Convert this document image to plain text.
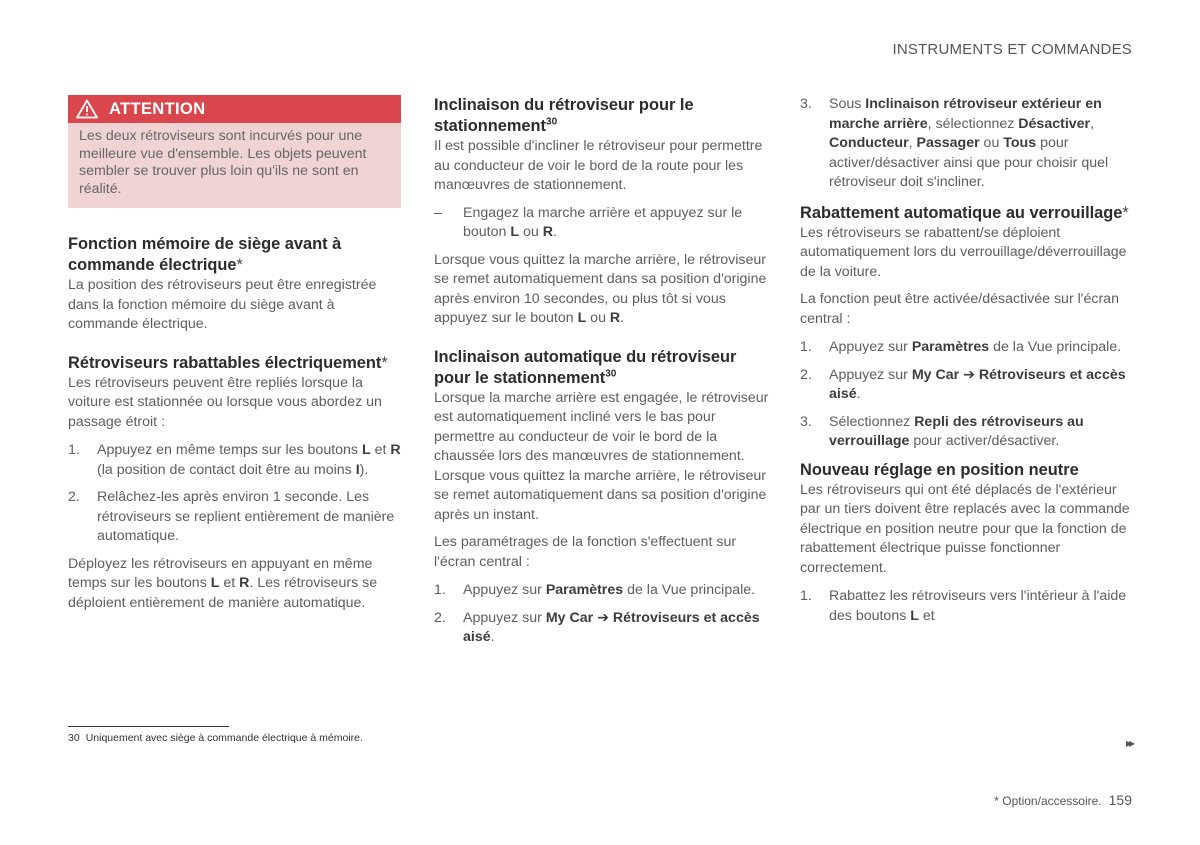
INSTRUMENTS ET COMMANDES
ATTENTION
Les deux rétroviseurs sont incurvés pour une meilleure vue d'ensemble. Les objets peuvent sembler se trouver plus loin qu'ils ne sont en réalité.
Fonction mémoire de siège avant à commande électrique*

La position des rétroviseurs peut être enregistrée dans la fonction mémoire du siège avant à commande électrique.

Rétroviseurs rabattables électriquement*

Les rétroviseurs peuvent être repliés lorsque la voiture est stationnée ou lorsque vous abordez un passage étroit :

1.	Appuyez en même temps sur les boutons L et R (la position de contact doit être au moins I).
2.	Relâchez-les après environ 1 seconde. Les rétroviseurs se replient entièrement de manière automatique.

Déployez les rétroviseurs en appuyant en même temps sur les boutons L et R. Les rétroviseurs se déploient entièrement de manière automatique.

Inclinaison du rétroviseur pour le stationnement$^{30}$

Il est possible d'incliner le rétroviseur pour permettre au conducteur de voir le bord de la route pour les manœuvres de stationnement.

–	Engagez la marche arrière et appuyez sur le bouton L ou R.

Lorsque vous quittez la marche arrière, le rétroviseur se remet automatiquement dans sa position d'origine après environ 10 secondes, ou plus tôt si vous appuyez sur le bouton L ou R.

Inclinaison automatique du rétroviseur pour le stationnement$^{30}$

Lorsque la marche arrière est engagée, le rétroviseur est automatiquement incliné vers le bas pour permettre au conducteur de voir le bord de la chaussée lors des manœuvres de stationnement. Lorsque vous quittez la marche arrière, le rétroviseur se remet automatiquement dans sa position d'origine après un instant.

Les paramétrages de la fonction s'effectuent sur l'écran central :

1.	Appuyez sur Paramètres de la Vue principale.
2.	Appuyez sur My Car ➔ Rétroviseurs et accès aisé.
3.	Sous Inclinaison rétroviseur extérieur en marche arrière, sélectionnez Désactiver, Conducteur, Passager ou Tous pour activer/désactiver ainsi que pour choisir quel rétroviseur doit s'incliner.
Rabattement automatique au verrouillage*

Les rétroviseurs se rabattent/se déploient automatiquement lors du verrouillage/déverrouillage de la voiture.

La fonction peut être activée/désactivée sur l'écran central :

1.	Appuyez sur Paramètres de la Vue principale.
2.	Appuyez sur My Car ➔ Rétroviseurs et accès aisé.
3.	Sélectionnez Repli des rétroviseurs au verrouillage pour activer/désactiver.
Nouveau réglage en position neutre

Les rétroviseurs qui ont été déplacés de l'extérieur par un tiers doivent être replacés avec la commande électrique en position neutre pour que la fonction de rabattement électrique puisse fonctionner correctement.

1.	Rabattez les rétroviseurs vers l'intérieur à l'aide des boutons L et
30 Uniquement avec siège à commande électrique à mémoire.	▸▸
* Option/accessoire. 159
